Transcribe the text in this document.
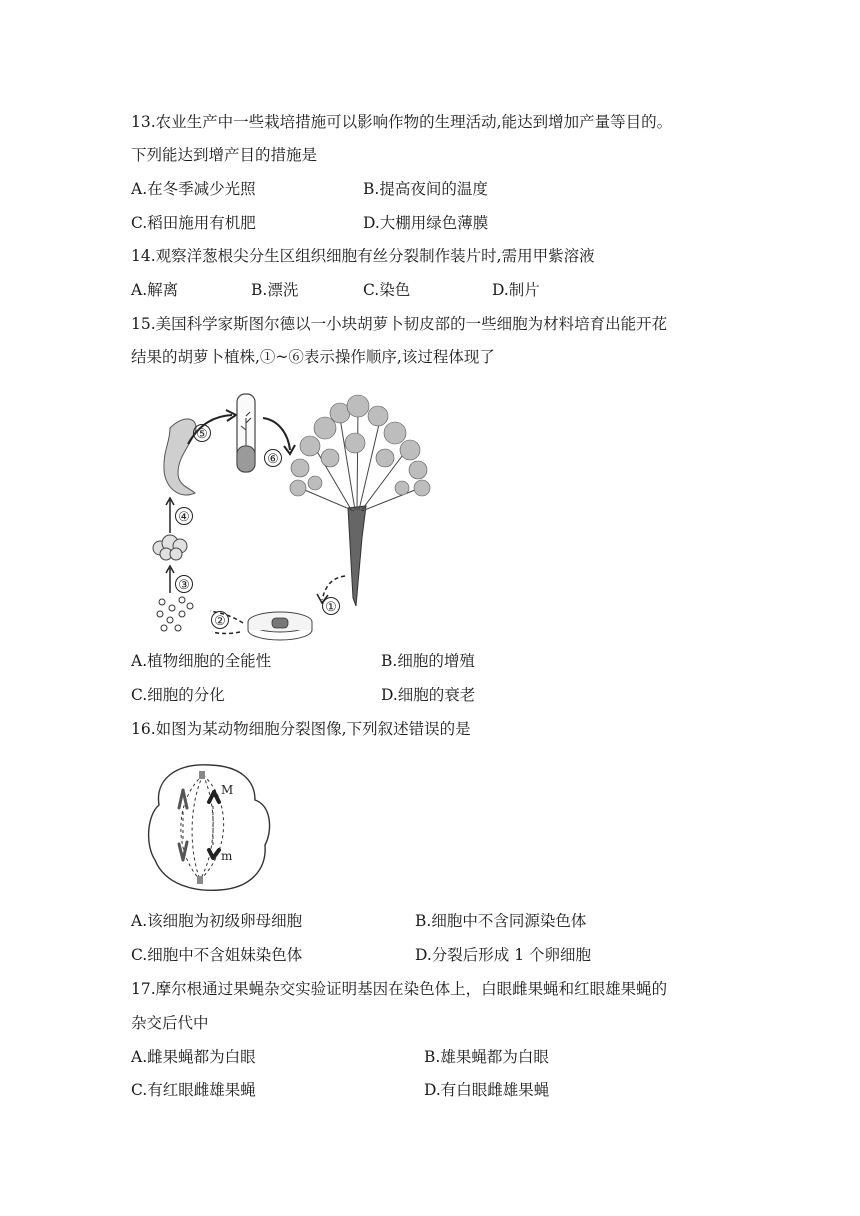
13.农业生产中一些栽培措施可以影响作物的生理活动,能达到增加产量等目的。
下列能达到增产目的措施是
A.在冬季减少光照	B.提高夜间的温度
C.稻田施用有机肥	D.大棚用绿色薄膜
14.观察洋葱根尖分生区组织细胞有丝分裂制作装片时,需用甲紫溶液
A.解离	B.漂洗	C.染色	D.制片
15.美国科学家斯图尔德以一小块胡萝卜韧皮部的一些细胞为材料培育出能开花
结果的胡萝卜植株,①~⑥表示操作顺序,该过程体现了
⑤
⑥
①
②
③
④
A.植物细胞的全能性	B.细胞的增殖
C.细胞的分化	D.细胞的衰老
16.如图为某动物细胞分裂图像,下列叙述错误的是
M
m
A.该细胞为初级卵母细胞	B.细胞中不含同源染色体
C.细胞中不含姐妹染色体	D.分裂后形成 1 个卵细胞
17.摩尔根通过果蝇杂交实验证明基因在染色体上，白眼雌果蝇和红眼雄果蝇的
杂交后代中
A.雌果蝇都为白眼	B.雄果蝇都为白眼
C.有红眼雌雄果蝇	D.有白眼雌雄果蝇
